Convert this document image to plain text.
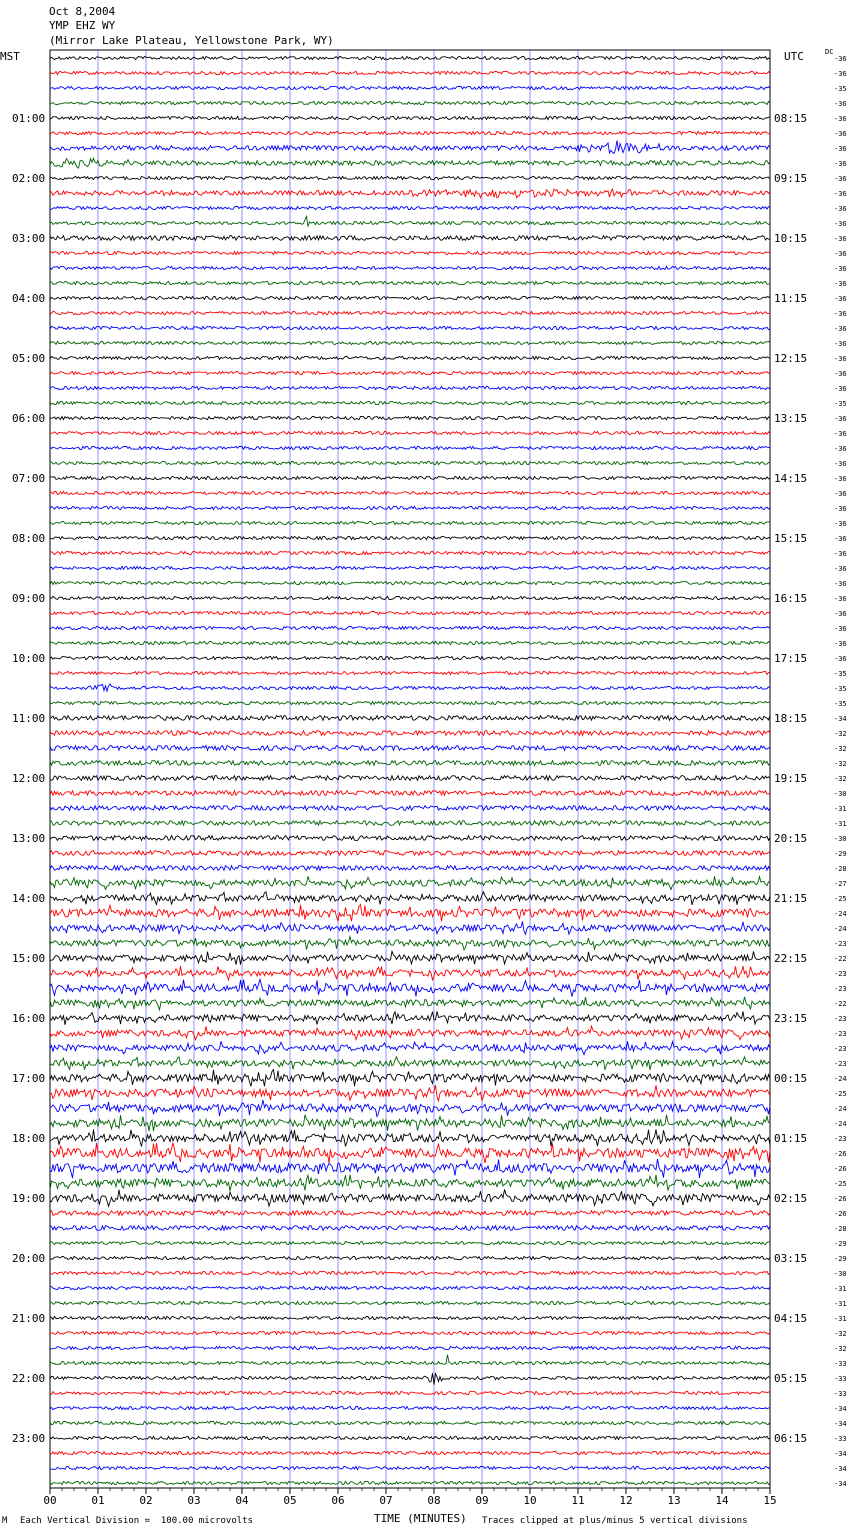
Oct 8,2004
YMP EHZ WY
(Mirror Lake Plateau, Yellowstone Park, WY)
MST	UTC	DC
00	01	02	03	04	05	06	07	08	09	10	11	12	13	14	15
-36
-36
-35
-36
-36
-36
-36
-36
-36
-36
-36
-36
-36
-36
-36
-36
-36
-36
-36
-36
-36
-36
-36
-35
-36
-36
-36
-36
-36
-36
-36
-36
-36
-36
-36
-36
-36
-36
-36
-36
-36
-35
-35
-35
-34
-32
-32
-32
-32
-30
-31
-31
-30
-29
-28
-27
-25
-24
-24
-23
-22
-23
-23
-22
-23
-23
-23
-23
-24
-25
-24
-24
-23
-26
-26
-25
-26
-26
-28
-29
-29
-30
-31
-31
-31
-32
-32
-33
-33
-33
-34
-34
-33
-34
-34
-34
01:00
02:00
03:00
04:00
05:00
06:00
07:00
08:00
09:00
10:00
11:00
12:00
13:00
14:00
15:00
16:00
17:00
18:00
19:00
20:00
21:00
22:00
23:00
08:15
09:15
10:15
11:15
12:15
13:15
14:15
15:15
16:15
17:15
18:15
19:15
20:15
21:15
22:15
23:15
00:15
01:15
02:15
03:15
04:15
05:15
06:15
M Each Vertical Division =  100.00 microvolts	TIME (MINUTES) Traces clipped at plus/minus 5 vertical divisions
